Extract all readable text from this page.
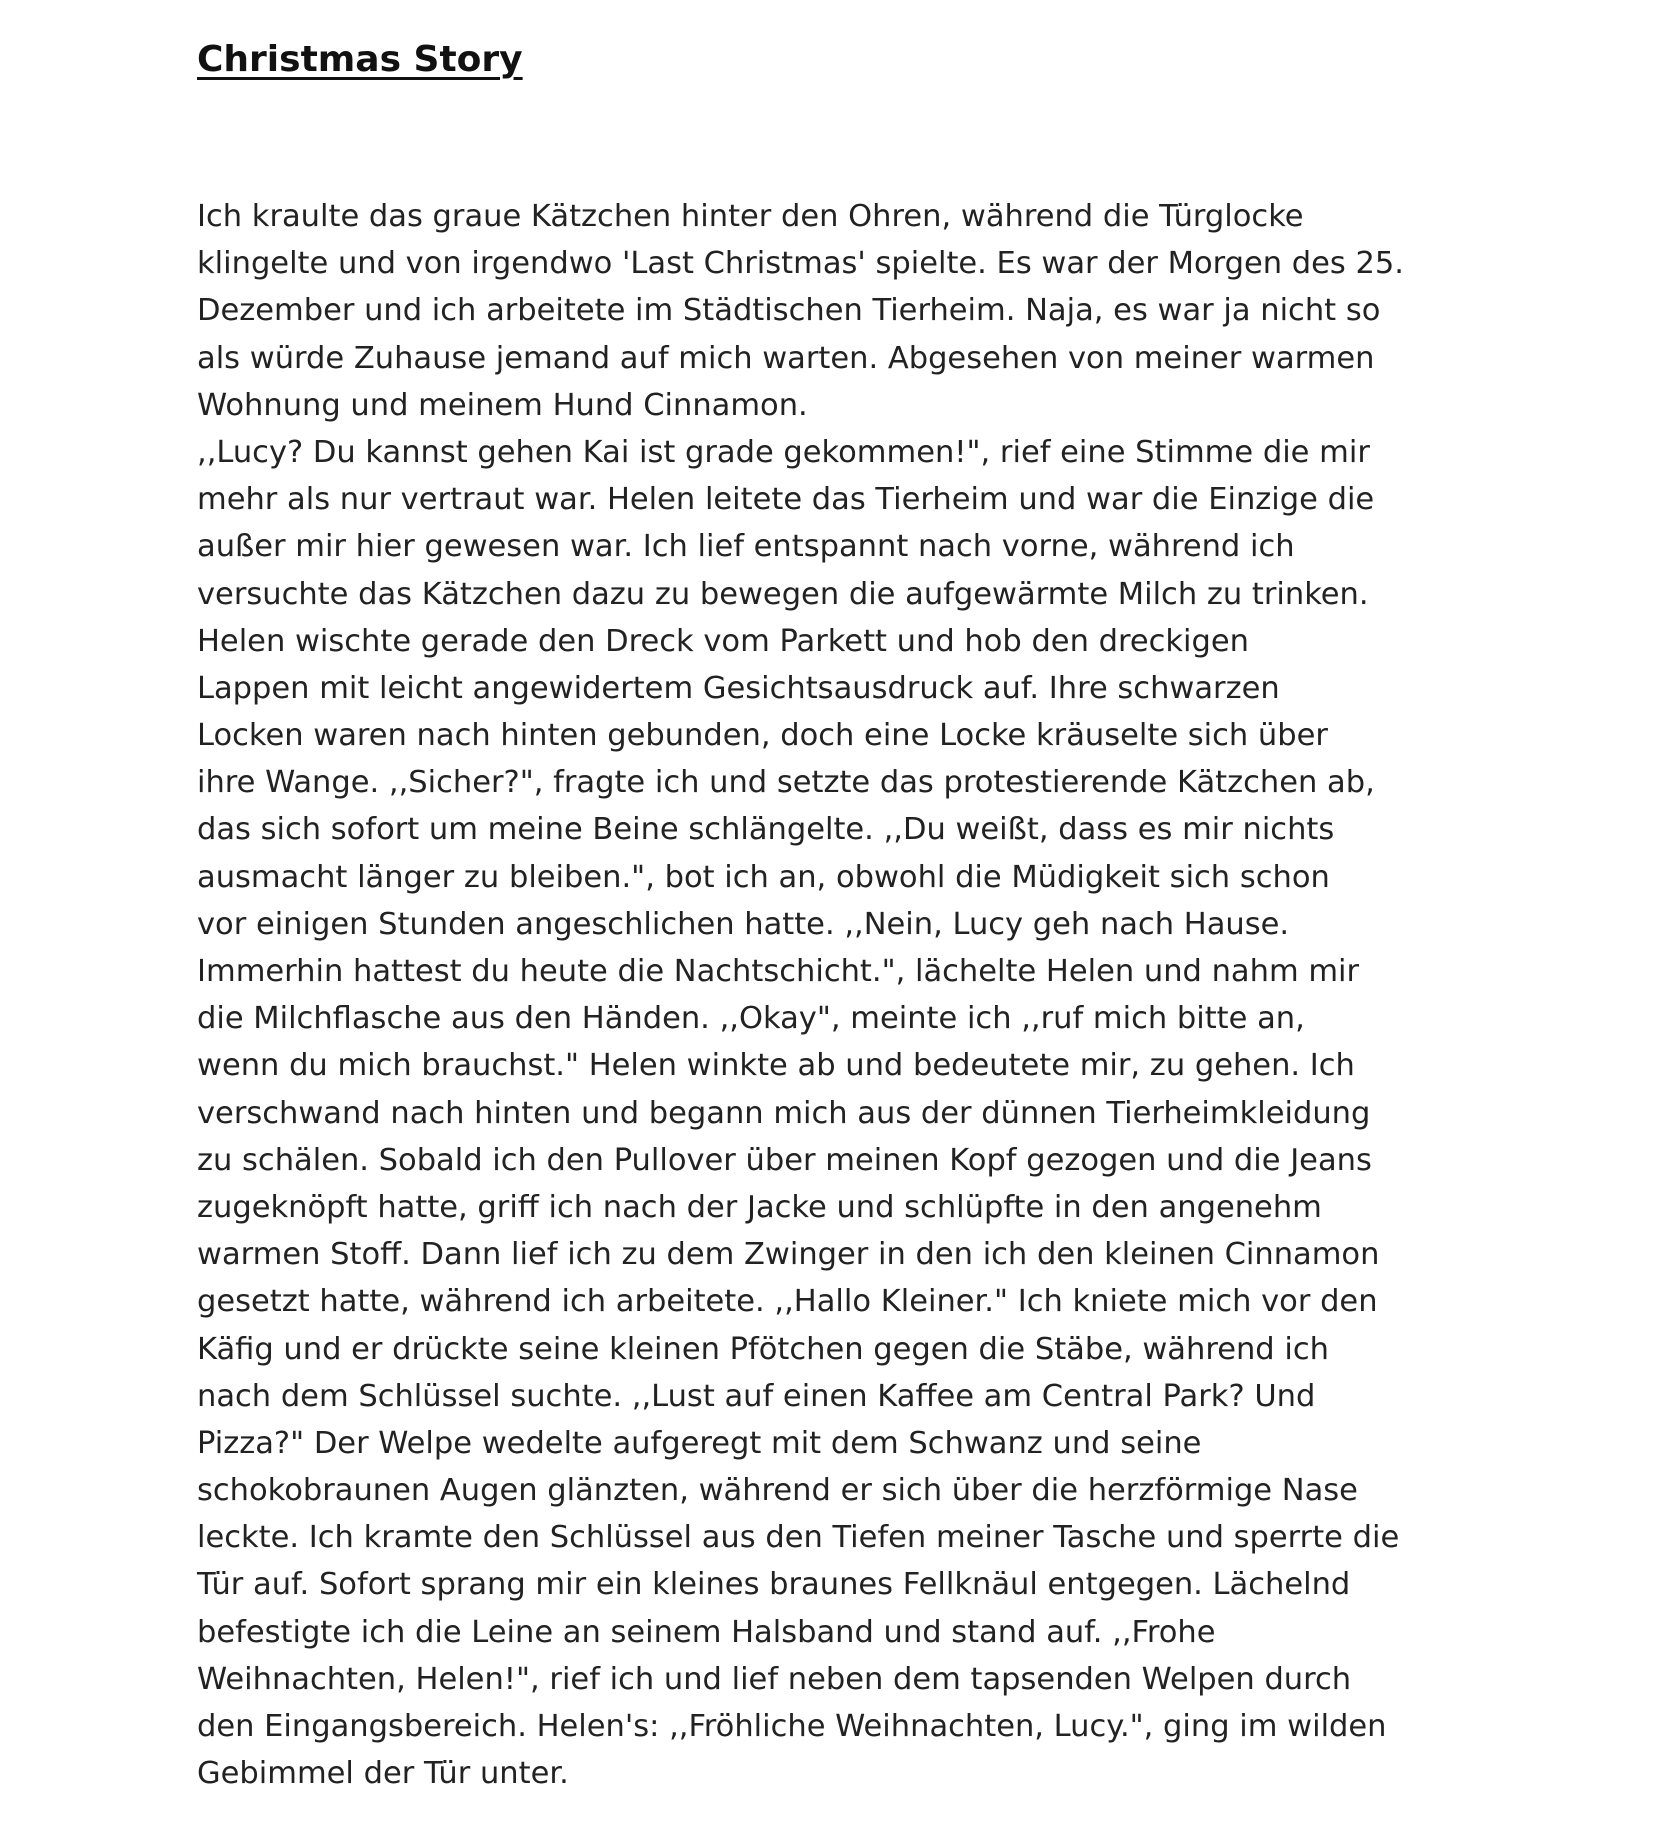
Christmas Story
Ich kraulte das graue Kätzchen hinter den Ohren, während die Türglocke
klingelte und von irgendwo 'Last Christmas' spielte. Es war der Morgen des 25.
Dezember und ich arbeitete im Städtischen Tierheim. Naja, es war ja nicht so
als würde Zuhause jemand auf mich warten. Abgesehen von meiner warmen
Wohnung und meinem Hund Cinnamon.
,,Lucy? Du kannst gehen Kai ist grade gekommen!", rief eine Stimme die mir
mehr als nur vertraut war. Helen leitete das Tierheim und war die Einzige die
außer mir hier gewesen war. Ich lief entspannt nach vorne, während ich
versuchte das Kätzchen dazu zu bewegen die aufgewärmte Milch zu trinken.
Helen wischte gerade den Dreck vom Parkett und hob den dreckigen
Lappen mit leicht angewidertem Gesichtsausdruck auf. Ihre schwarzen
Locken waren nach hinten gebunden, doch eine Locke kräuselte sich über
ihre Wange. ,,Sicher?", fragte ich und setzte das protestierende Kätzchen ab,
das sich sofort um meine Beine schlängelte. ,,Du weißt, dass es mir nichts
ausmacht länger zu bleiben.", bot ich an, obwohl die Müdigkeit sich schon
vor einigen Stunden angeschlichen hatte. ,,Nein, Lucy geh nach Hause.
Immerhin hattest du heute die Nachtschicht.", lächelte Helen und nahm mir
die Milchflasche aus den Händen. ,,Okay", meinte ich ,,ruf mich bitte an,
wenn du mich brauchst." Helen winkte ab und bedeutete mir, zu gehen. Ich
verschwand nach hinten und begann mich aus der dünnen Tierheimkleidung
zu schälen. Sobald ich den Pullover über meinen Kopf gezogen und die Jeans
zugeknöpft hatte, griff ich nach der Jacke und schlüpfte in den angenehm
warmen Stoff. Dann lief ich zu dem Zwinger in den ich den kleinen Cinnamon
gesetzt hatte, während ich arbeitete. ,,Hallo Kleiner." Ich kniete mich vor den
Käfig und er drückte seine kleinen Pfötchen gegen die Stäbe, während ich
nach dem Schlüssel suchte. ,,Lust auf einen Kaffee am Central Park? Und
Pizza?" Der Welpe wedelte aufgeregt mit dem Schwanz und seine
schokobraunen Augen glänzten, während er sich über die herzförmige Nase
leckte. Ich kramte den Schlüssel aus den Tiefen meiner Tasche und sperrte die
Tür auf. Sofort sprang mir ein kleines braunes Fellknäul entgegen. Lächelnd
befestigte ich die Leine an seinem Halsband und stand auf. ,,Frohe
Weihnachten, Helen!", rief ich und lief neben dem tapsenden Welpen durch
den Eingangsbereich. Helen's: ,,Fröhliche Weihnachten, Lucy.", ging im wilden
Gebimmel der Tür unter.
